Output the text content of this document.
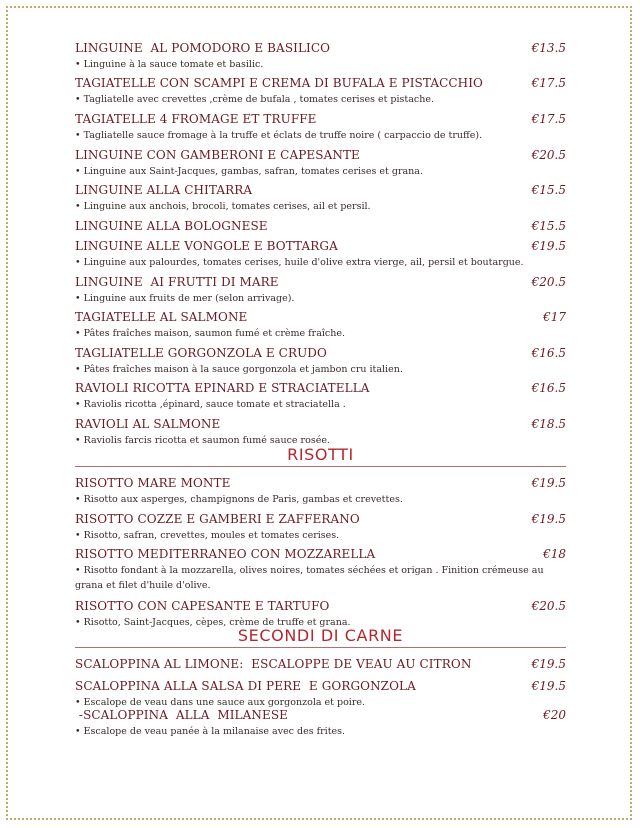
LINGUINE  AL POMODORO E BASILICO	€13.5
• Linguine à la sauce tomate et basilic.
TAGIATELLE CON SCAMPI E CREMA DI BUFALA E PISTACCHIO	€17.5
• Tagliatelle avec crevettes ,crème de bufala , tomates cerises et pistache.
TAGIATELLE 4 FROMAGE ET TRUFFE	€17.5
• Tagliatelle sauce fromage à la truffe et éclats de truffe noire ( carpaccio de truffe).
LINGUINE CON GAMBERONI E CAPESANTE	€20.5
• Linguine aux Saint-Jacques, gambas, safran, tomates cerises et grana.
LINGUINE ALLA CHITARRA	€15.5
• Linguine aux anchois, brocoli, tomates cerises, ail et persil.
LINGUINE ALLA BOLOGNESE	€15.5
LINGUINE ALLE VONGOLE E BOTTARGA	€19.5
• Linguine aux palourdes, tomates cerises, huile d'olive extra vierge, ail, persil et boutargue.
LINGUINE  AI FRUTTI DI MARE	€20.5
• Linguine aux fruits de mer (selon arrivage).
TAGIATELLE AL SALMONE	€17
• Pâtes fraîches maison, saumon fumé et crème fraîche.
TAGLIATELLE GORGONZOLA E CRUDO	€16.5
• Pâtes fraîches maison à la sauce gorgonzola et jambon cru italien.
RAVIOLI RICOTTA EPINARD E STRACIATELLA	€16.5
• Raviolis ricotta ,épinard, sauce tomate et straciatella .
RAVIOLI AL SALMONE	€18.5
• Raviolis farcis ricotta et saumon fumé sauce rosée.
RISOTTI
RISOTTO MARE MONTE	€19.5
• Risotto aux asperges, champignons de Paris, gambas et crevettes.
RISOTTO COZZE E GAMBERI E ZAFFERANO	€19.5
• Risotto, safran, crevettes, moules et tomates cerises.
RISOTTO MEDITERRANEO CON MOZZARELLA	€18
• Risotto fondant à la mozzarella, olives noires, tomates séchées et origan . Finition crémeuse au grana et filet d'huile d'olive.
RISOTTO CON CAPESANTE E TARTUFO	€20.5
• Risotto, Saint-Jacques, cèpes, crème de truffe et grana.
SECONDI DI CARNE
SCALOPPINA AL LIMONE:  ESCALOPPE DE VEAU AU CITRON	€19.5
SCALOPPINA ALLA SALSA DI PERE  E GORGONZOLA	€19.5
• Escalope de veau dans une sauce aux gorgonzola et poire.
-SCALOPPINA  ALLA  MILANESE	€20
• Escalope de veau panée à la milanaise avec des frites.
